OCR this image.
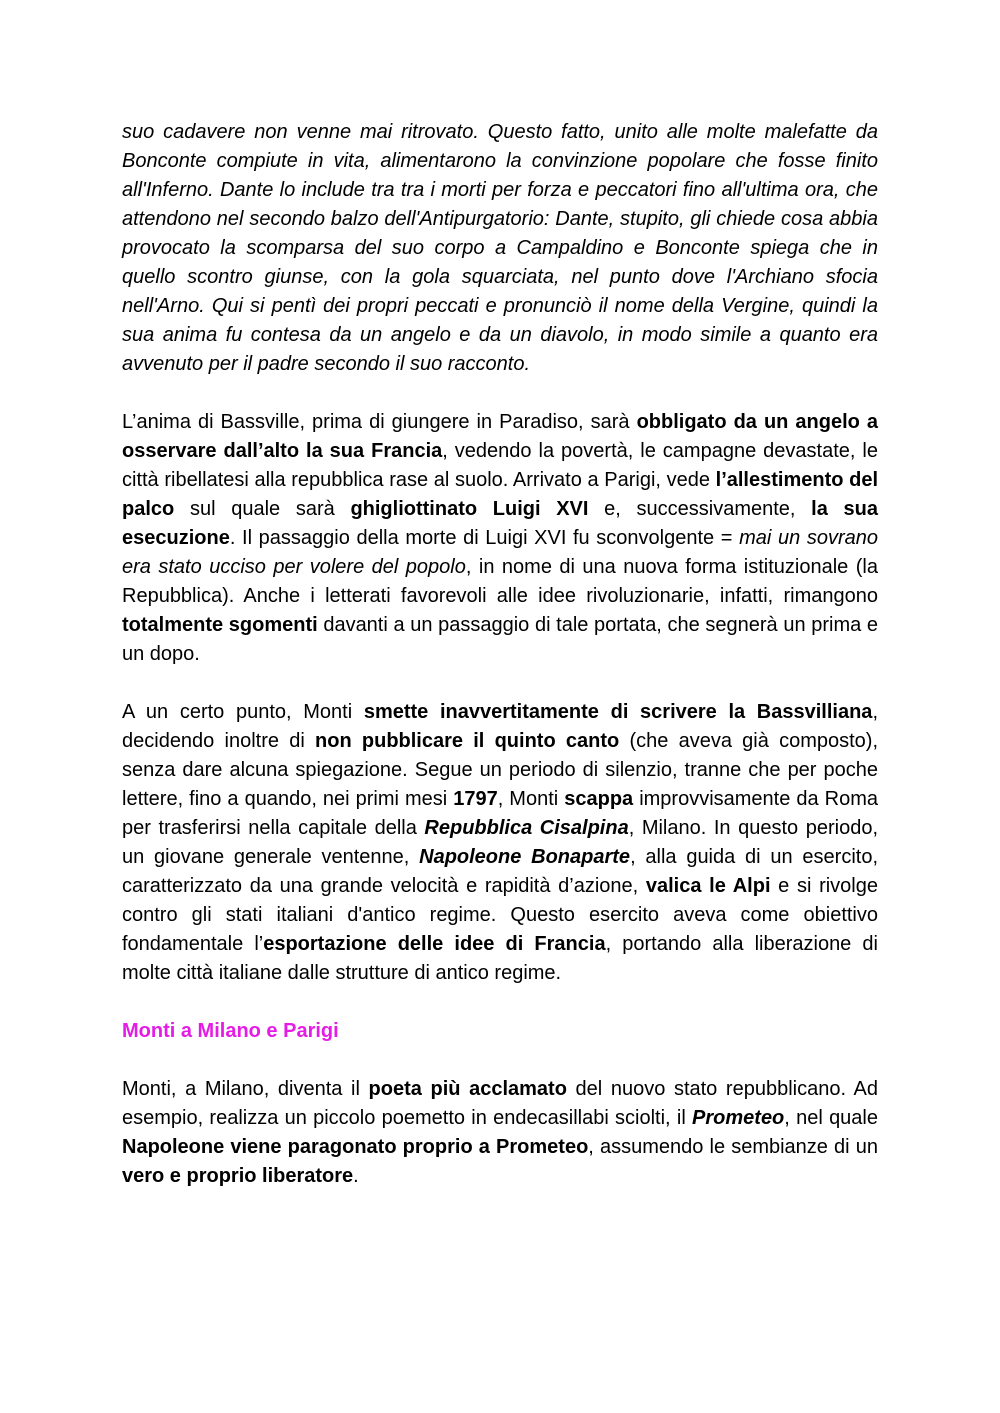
suo cadavere non venne mai ritrovato. Questo fatto, unito alle molte malefatte da Bonconte compiute in vita, alimentarono la convinzione popolare che fosse finito all'Inferno. Dante lo include tra tra i morti per forza e peccatori fino all'ultima ora, che attendono nel secondo balzo dell'Antipurgatorio: Dante, stupito, gli chiede cosa abbia provocato la scomparsa del suo corpo a Campaldino e Bonconte spiega che in quello scontro giunse, con la gola squarciata, nel punto dove l'Archiano sfocia nell'Arno. Qui si pentì dei propri peccati e pronunciò il nome della Vergine, quindi la sua anima fu contesa da un angelo e da un diavolo, in modo simile a quanto era avvenuto per il padre secondo il suo racconto.

L’anima di Bassville, prima di giungere in Paradiso, sarà obbligato da un angelo a osservare dall’alto la sua Francia, vedendo la povertà, le campagne devastate, le città ribellatesi alla repubblica rase al suolo. Arrivato a Parigi, vede l’allestimento del palco sul quale sarà ghigliottinato Luigi XVI e, successivamente, la sua esecuzione. Il passaggio della morte di Luigi XVI fu sconvolgente = mai un sovrano era stato ucciso per volere del popolo, in nome di una nuova forma istituzionale (la Repubblica). Anche i letterati favorevoli alle idee rivoluzionarie, infatti, rimangono totalmente sgomenti davanti a un passaggio di tale portata, che segnerà un prima e un dopo.

A un certo punto, Monti smette inavvertitamente di scrivere la Bassvilliana, decidendo inoltre di non pubblicare il quinto canto (che aveva già composto), senza dare alcuna spiegazione. Segue un periodo di silenzio, tranne che per poche lettere, fino a quando, nei primi mesi 1797, Monti scappa improvvisamente da Roma per trasferirsi nella capitale della Repubblica Cisalpina, Milano. In questo periodo, un giovane generale ventenne, Napoleone Bonaparte, alla guida di un esercito, caratterizzato da una grande velocità e rapidità d’azione, valica le Alpi e si rivolge contro gli stati italiani d'antico regime. Questo esercito aveva come obiettivo fondamentale l’esportazione delle idee di Francia, portando alla liberazione di molte città italiane dalle strutture di antico regime.

Monti a Milano e Parigi

Monti, a Milano, diventa il poeta più acclamato del nuovo stato repubblicano. Ad esempio, realizza un piccolo poemetto in endecasillabi sciolti, il Prometeo, nel quale Napoleone viene paragonato proprio a Prometeo, assumendo le sembianze di un vero e proprio liberatore.
